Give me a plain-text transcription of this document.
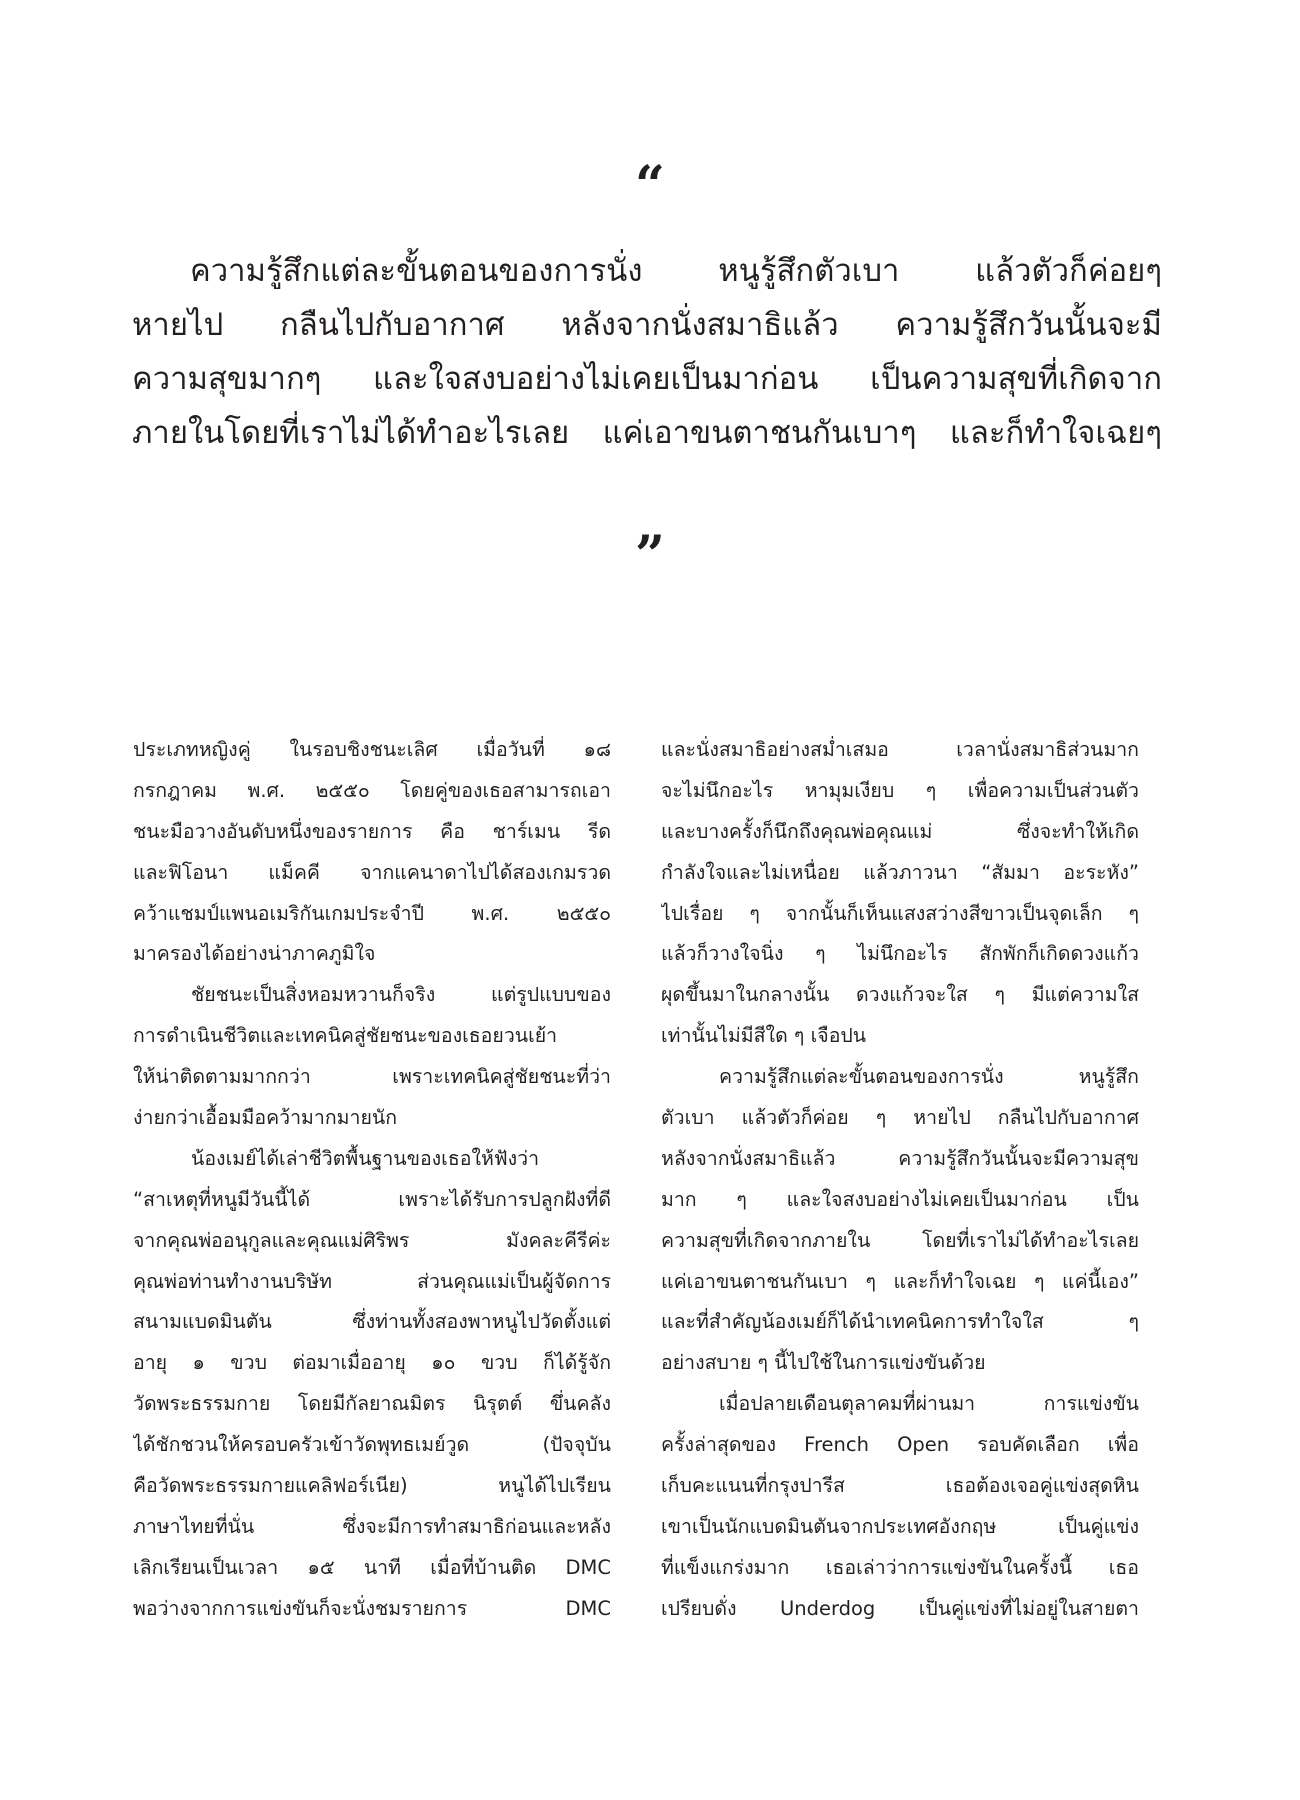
“
ความรู้สึกแต่ละขั้นตอนของการนั่ง หนูรู้สึกตัวเบา แล้วตัวก็ค่อยๆ
หายไป กลืนไปกับอากาศ หลังจากนั่งสมาธิแล้ว ความรู้สึกวันนั้นจะมี
ความสุขมากๆ และใจสงบอย่างไม่เคยเป็นมาก่อน เป็นความสุขที่เกิดจาก
ภายในโดยที่เราไม่ได้ทำอะไรเลย แค่เอาขนตาชนกันเบาๆ และก็ทำใจเฉยๆ
”
ประเภทหญิงคู่ ในรอบชิงชนะเลิศ เมื่อวันที่ ๑๘
กรกฎาคม พ.ศ. ๒๕๕๐ โดยคู่ของเธอสามารถเอา
ชนะมือวางอันดับหนึ่งของรายการ คือ ชาร์เมน รีด
และฟิโอนา แม็คคี จากแคนาดาไปได้สองเกมรวด
คว้าแชมป์แพนอเมริกันเกมประจำปี พ.ศ. ๒๕๕๐
มาครองได้อย่างน่าภาคภูมิใจ
ชัยชนะเป็นสิ่งหอมหวานก็จริง แต่รูปแบบของ
การดำเนินชีวิตและเทคนิคสู่ชัยชนะของเธอยวนเย้า
ให้น่าติดตามมากกว่า เพราะเทคนิคสู่ชัยชนะที่ว่า
ง่ายกว่าเอื้อมมือคว้ามากมายนัก
น้องเมย์ได้เล่าชีวิตพื้นฐานของเธอให้ฟังว่า
“สาเหตุที่หนูมีวันนี้ได้ เพราะได้รับการปลูกฝังที่ดี
จากคุณพ่ออนุกูลและคุณแม่ศิริพร มังคละคีรีค่ะ
คุณพ่อท่านทำงานบริษัท ส่วนคุณแม่เป็นผู้จัดการ
สนามแบดมินตัน ซึ่งท่านทั้งสองพาหนูไปวัดตั้งแต่
อายุ ๑ ขวบ ต่อมาเมื่ออายุ ๑๐ ขวบ ก็ได้รู้จัก
วัดพระธรรมกาย โดยมีกัลยาณมิตร นิรุตต์ ขึ่นคลัง
ได้ชักชวนให้ครอบครัวเข้าวัดพุทธเมย์วูด (ปัจจุบัน
คือวัดพระธรรมกายแคลิฟอร์เนีย) หนูได้ไปเรียน
ภาษาไทยที่นั่น ซึ่งจะมีการทำสมาธิก่อนและหลัง
เลิกเรียนเป็นเวลา ๑๕ นาที เมื่อที่บ้านติด DMC
พอว่างจากการแข่งขันก็จะนั่งชมรายการ DMC
และนั่งสมาธิอย่างสม่ำเสมอ เวลานั่งสมาธิส่วนมาก
จะไม่นึกอะไร หามุมเงียบ ๆ เพื่อความเป็นส่วนตัว
และบางครั้งก็นึกถึงคุณพ่อคุณแม่ ซึ่งจะทำให้เกิด
กำลังใจและไม่เหนื่อย แล้วภาวนา “สัมมา อะระหัง”
ไปเรื่อย ๆ จากนั้นก็เห็นแสงสว่างสีขาวเป็นจุดเล็ก ๆ
แล้วก็วางใจนิ่ง ๆ ไม่นึกอะไร สักพักก็เกิดดวงแก้ว
ผุดขึ้นมาในกลางนั้น ดวงแก้วจะใส ๆ มีแต่ความใส
เท่านั้นไม่มีสีใด ๆ เจือปน
ความรู้สึกแต่ละขั้นตอนของการนั่ง หนูรู้สึก
ตัวเบา แล้วตัวก็ค่อย ๆ หายไป กลืนไปกับอากาศ
หลังจากนั่งสมาธิแล้ว ความรู้สึกวันนั้นจะมีความสุข
มาก ๆ และใจสงบอย่างไม่เคยเป็นมาก่อน เป็น
ความสุขที่เกิดจากภายใน โดยที่เราไม่ได้ทำอะไรเลย
แค่เอาขนตาชนกันเบา ๆ และก็ทำใจเฉย ๆ แค่นี้เอง”
และที่สำคัญน้องเมย์ก็ได้นำเทคนิคการทำใจใส ๆ
อย่างสบาย ๆ นี้ไปใช้ในการแข่งขันด้วย
เมื่อปลายเดือนตุลาคมที่ผ่านมา การแข่งขัน
ครั้งล่าสุดของ French Open รอบคัดเลือก เพื่อ
เก็บคะแนนที่กรุงปารีส เธอต้องเจอคู่แข่งสุดหิน
เขาเป็นนักแบดมินตันจากประเทศอังกฤษ เป็นคู่แข่ง
ที่แข็งแกร่งมาก เธอเล่าว่าการแข่งขันในครั้งนี้ เธอ
เปรียบดั่ง Underdog เป็นคู่แข่งที่ไม่อยู่ในสายตา
